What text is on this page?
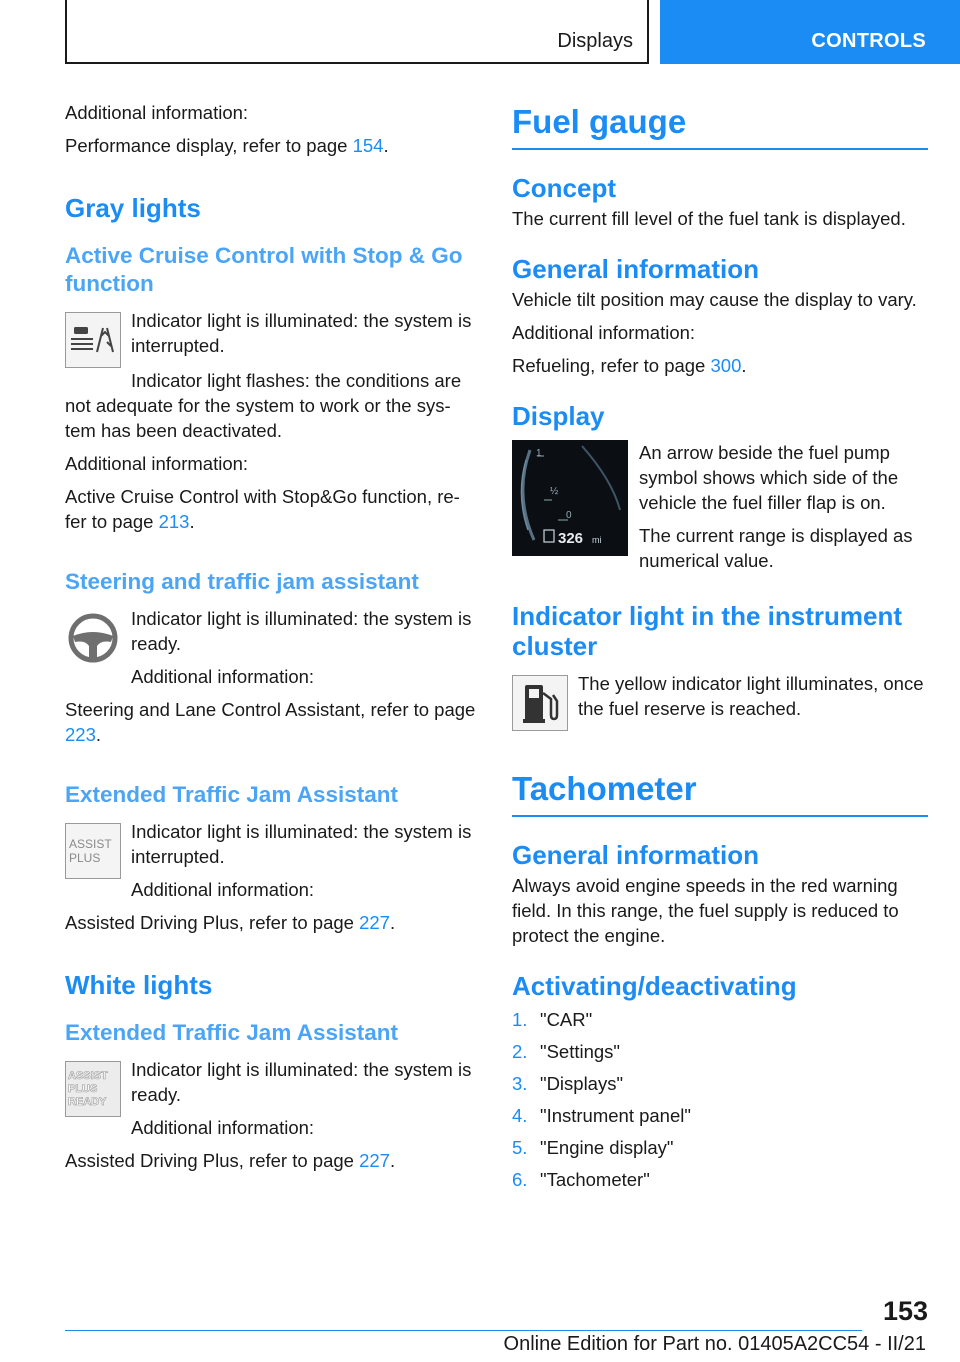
Displays	CONTROLS

Additional information:

Performance display, refer to page 154.

Gray lights
Active Cruise Control with Stop & Go function

Indicator light is illuminated: the system is interrupted.

Indicator light flashes: the conditions are not adequate for the system to work or the sys‐tem has been deactivated.

Additional information:

Active Cruise Control with Stop&Go function, re‐fer to page 213.

Steering and traffic jam assistant

Indicator light is illuminated: the system is ready.

Additional information:

Steering and Lane Control Assistant, refer to page 223.

Extended Traffic Jam Assistant
ASSIST
PLUS

Indicator light is illuminated: the system is interrupted.

Additional information:

Assisted Driving Plus, refer to page 227.

White lights
Extended Traffic Jam Assistant
ASSIST
PLUS
READY

Indicator light is illuminated: the system is ready.

Additional information:

Assisted Driving Plus, refer to page 227.

Fuel gauge
Concept

The current fill level of the fuel tank is displayed.

General information

Vehicle tilt position may cause the display to vary.

Additional information:

Refueling, refer to page 300.

Display
1
½
0
326 mi

An arrow beside the fuel pump symbol shows which side of the vehicle the fuel filler flap is on.

The current range is displayed as numerical value.

Indicator light in the instrument cluster

The yellow indicator light illuminates, once the fuel reserve is reached.

Tachometer
General information

Always avoid engine speeds in the red warning field. In this range, the fuel supply is reduced to protect the engine.

Activating/deactivating
1. "CAR"
2. "Settings"
3. "Displays"
4. "Instrument panel"
5. "Engine display"
6. "Tachometer"
153
Online Edition for Part no. 01405A2CC54 - II/21
